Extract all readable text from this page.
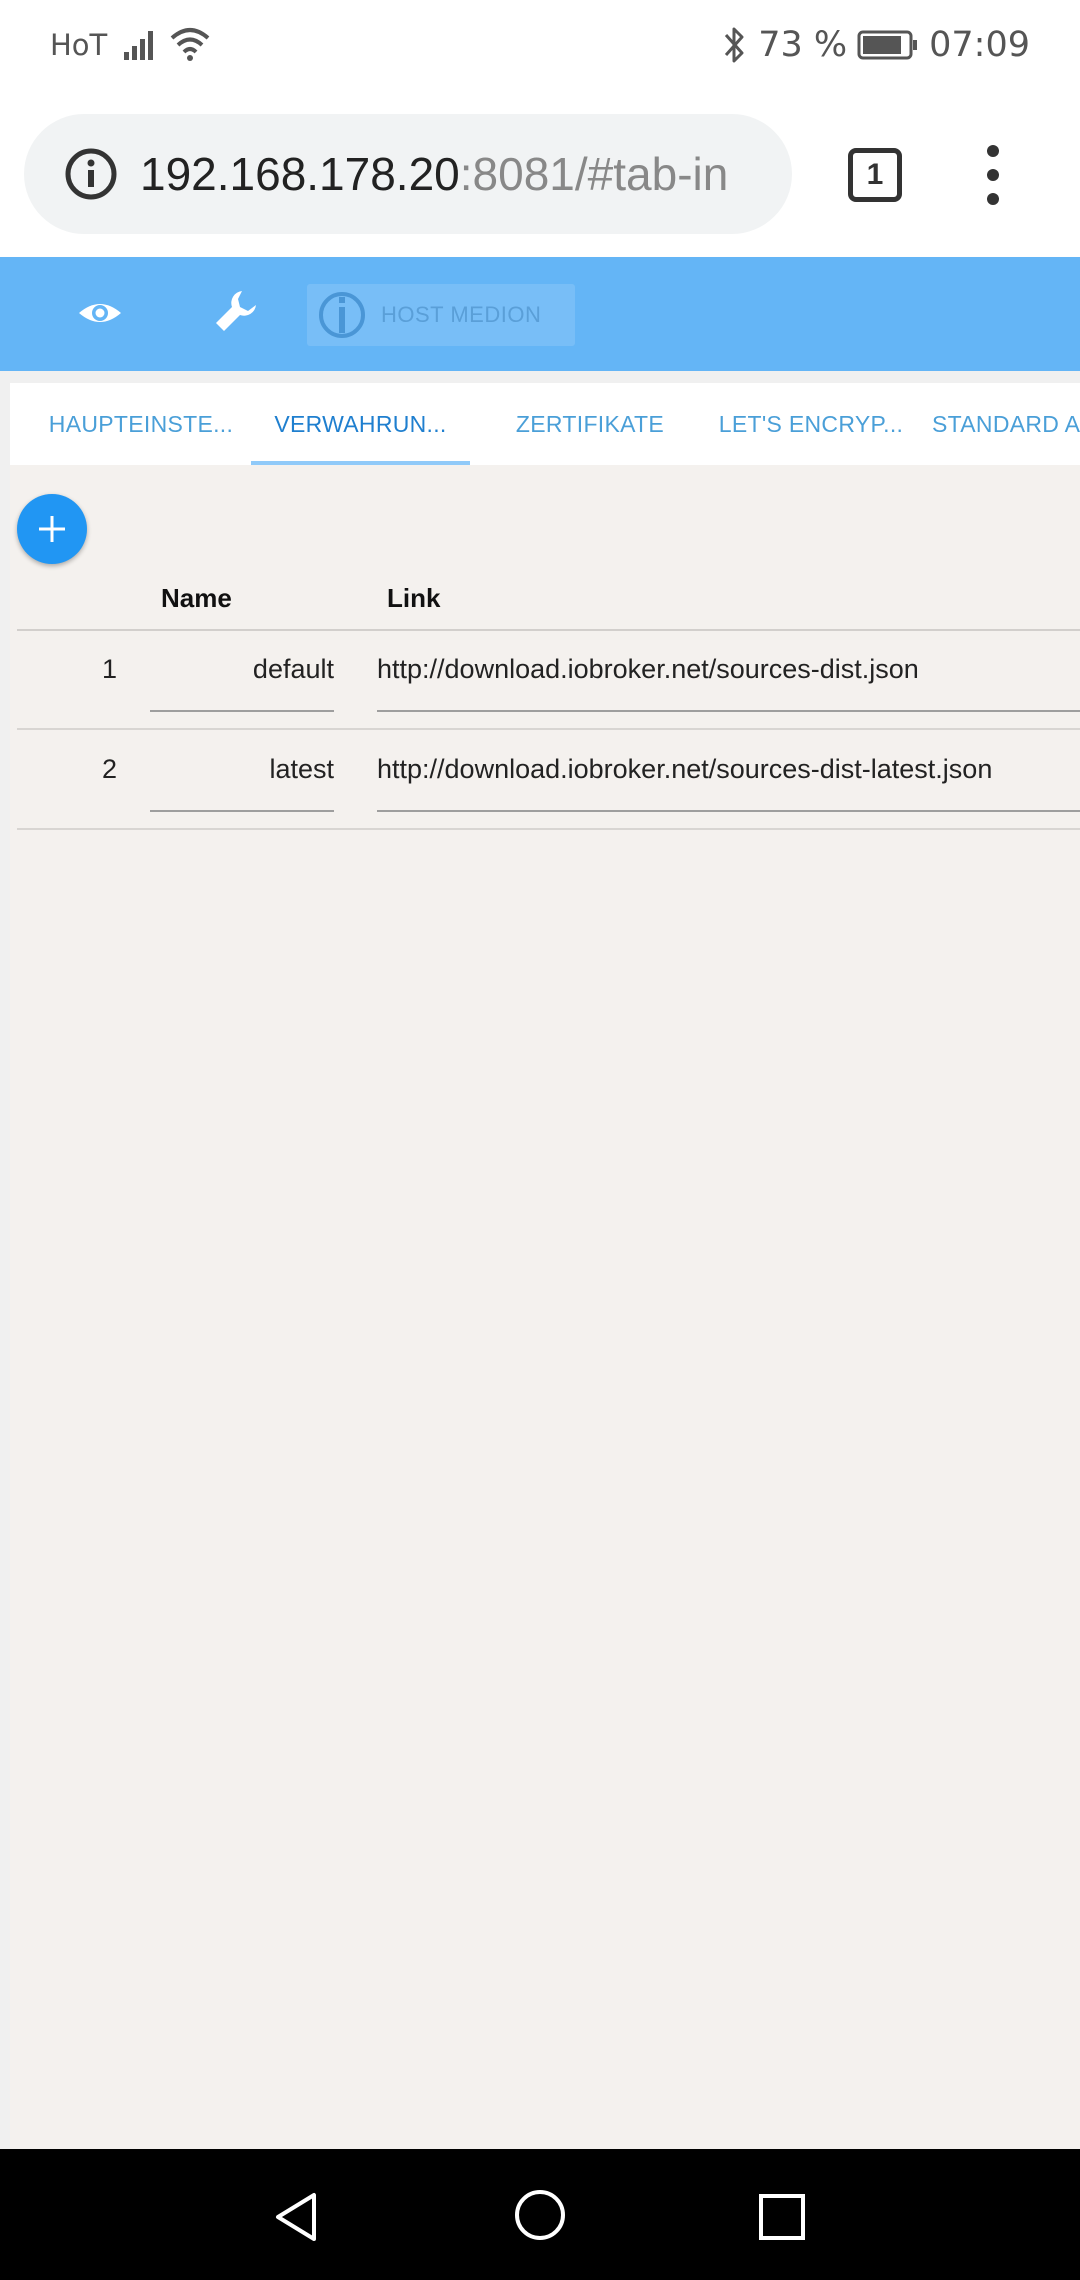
HoT	73 % 07:09
192.168.178.20:8081/#tab-in	1
HOST MEDION
HAUPTEINSTE...	VERWAHRUN...	ZERTIFIKATE	LET'S ENCRYP...	STANDARD A
Name	Link
1	default http://download.iobroker.net/sources-dist.json
2	latest http://download.iobroker.net/sources-dist-latest.json
